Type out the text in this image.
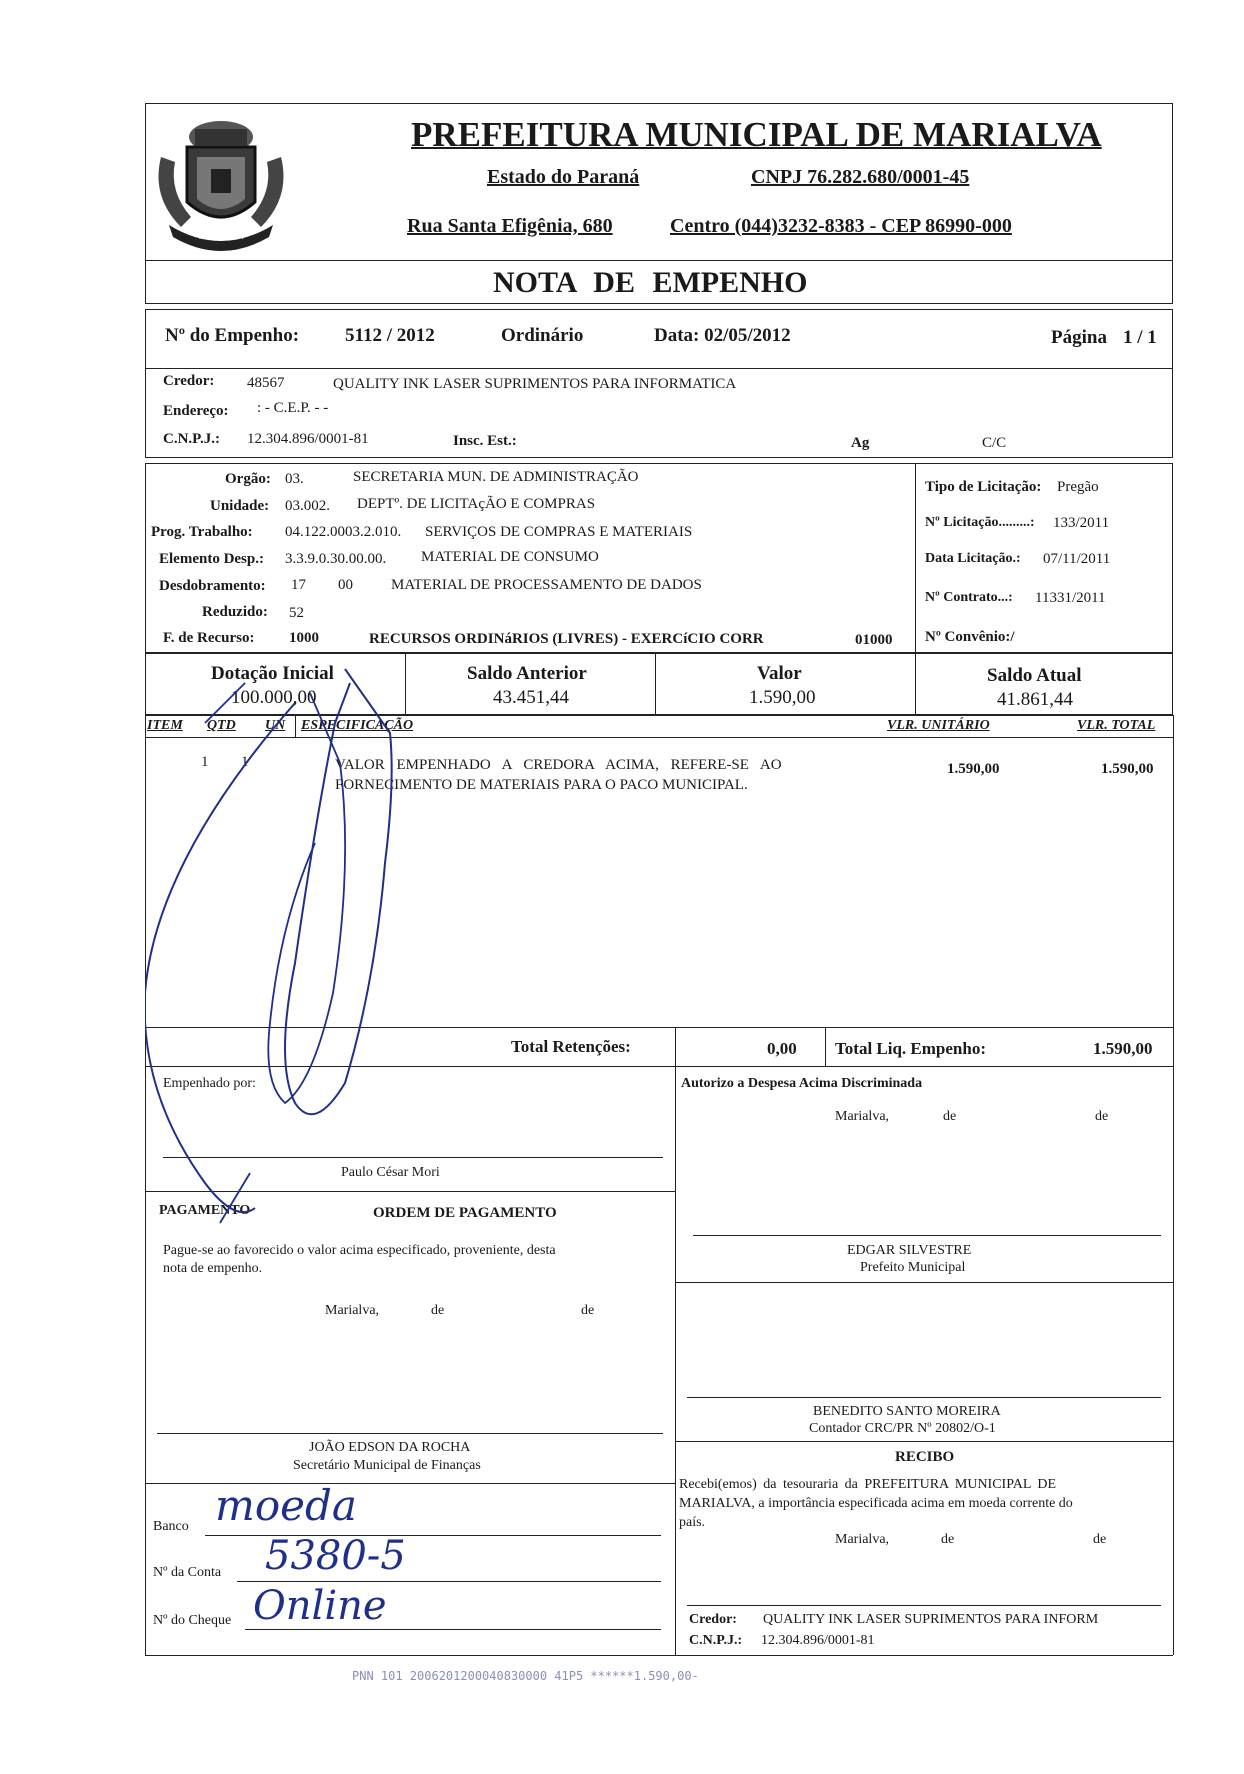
MARIALVA
PREFEITURA MUNICIPAL DE MARIALVA
Estado do Paraná	CNPJ 76.282.680/0001-45
Rua Santa Efigênia, 680	Centro (044)3232-8383 - CEP 86990-000
NOTA DE EMPENHO
Nº do Empenho: 5112 / 2012	Ordinário	Data: 02/05/2012	Página 1 / 1
Credor: 48567	QUALITY INK LASER SUPRIMENTOS PARA INFORMATICA
Endereço: : - C.E.P. - -
C.N.P.J.: 12.304.896/0001-81	Insc. Est.:	Ag	C/C
Orgão: 03.	SECRETARIA MUN. DE ADMINISTRAÇÃO
Unidade: 03.002. DEPTº. DE LICITAçÃO E COMPRAS
Prog. Trabalho: 04.122.0003.2.010. SERVIÇOS DE COMPRAS E MATERIAIS
Elemento Desp.: 3.3.9.0.30.00.00. MATERIAL DE CONSUMO
Desdobramento: 17 00	MATERIAL DE PROCESSAMENTO DE DADOS
Reduzido: 52
F. de Recurso: 1000	RECURSOS ORDINáRIOS (LIVRES) - EXERCíCIO CORR	01000
Tipo de Licitação: Pregão
Nº Licitação.........: 133/2011
Data Licitação.: 07/11/2011
Nº Contrato...: 11331/2011
Nº Convênio:/
Dotação Inicial
100.000,00
Saldo Anterior
43.451,44
Valor
1.590,00
Saldo Atual
41.861,44
ITEM QTD UN ESPECIFICAÇÃO	VLR. UNITÁRIO	VLR. TOTAL
1 1	VALOR EMPENHADO A CREDORA ACIMA, REFERE-SE AO
FORNECIMENTO DE MATERIAIS PARA O PACO MUNICIPAL.
1.590,00	1.590,00
Total Retenções:	0,00 Total Liq. Empenho:	1.590,00
Empenhado por:
Paulo César Mori
Autorizo a Despesa Acima Discriminada
Marialva,	de	de
EDGAR SILVESTRE
Prefeito Municipal
PAGAMENTO	ORDEM DE PAGAMENTO
Pague-se ao favorecido o valor acima especificado, proveniente, desta
nota de empenho.
Marialva,	de	de
JOÃO EDSON DA ROCHA
Secretário Municipal de Finanças
BENEDITO SANTO MOREIRA
Contador CRC/PR Nº 20802/O-1
RECIBO
Recebi(emos) da tesouraria da PREFEITURA MUNICIPAL DE
MARIALVA, a importância especificada acima em moeda corrente do
país.
Marialva,	de	de
Credor: QUALITY INK LASER SUPRIMENTOS PARA INFORM
C.N.P.J.: 12.304.896/0001-81
Banco moeda
Nº da Conta 5380-5
Nº do Cheque Online
PNN 101 2006201200040830000 41P5 ******1.590,00-
